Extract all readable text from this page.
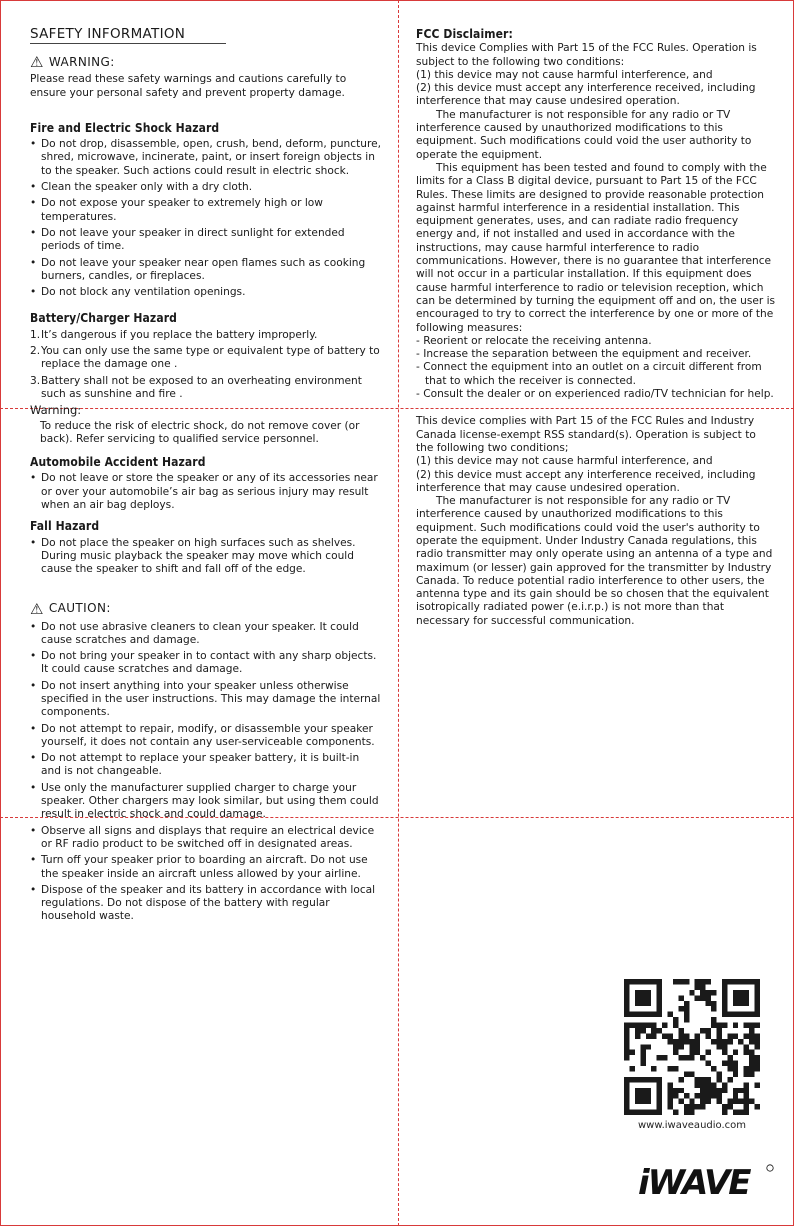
SAFETY INFORMATION
⚠ WARNING:

Please read these safety warnings and cautions carefully to ensure your personal safety and prevent property damage.

Fire and Electric Shock Hazard
• Do not drop, disassemble, open, crush, bend, deform, puncture, shred, microwave, incinerate, paint, or insert foreign objects in to the speaker. Such actions could result in electric shock.
• Clean the speaker only with a dry cloth.
• Do not expose your speaker to extremely high or low temperatures.
• Do not leave your speaker in direct sunlight for extended periods of time.
• Do not leave your speaker near open flames such as cooking burners, candles, or fireplaces.
• Do not block any ventilation openings.
Battery/Charger Hazard
1. It’s dangerous if you replace the battery improperly.
2. You can only use the same type or equivalent type of battery to replace the damage one .
3. Battery shall not be exposed to an overheating environment such as sunshine and fire .
Warning:

To reduce the risk of electric shock, do not remove cover (or back). Refer servicing to qualified service personnel.

Automobile Accident Hazard
• Do not leave or store the speaker or any of its accessories near or over your automobile’s air bag as serious injury may result when an air bag deploys.
Fall Hazard
• Do not place the speaker on high surfaces such as shelves. During music playback the speaker may move which could cause the speaker to shift and fall off of the edge.
⚠ CAUTION:
• Do not use abrasive cleaners to clean your speaker. It could cause scratches and damage.
• Do not bring your speaker in to contact with any sharp objects. It could cause scratches and damage.
• Do not insert anything into your speaker unless otherwise specified in the user instructions. This may damage the internal components.
• Do not attempt to repair, modify, or disassemble your speaker yourself, it does not contain any user-serviceable components.
• Do not attempt to replace your speaker battery, it is built-in and is not changeable.
• Use only the manufacturer supplied charger to charge your speaker. Other chargers may look similar, but using them could result in electric shock and could damage.
• Observe all signs and displays that require an electrical device or RF radio product to be switched off in designated areas.
• Turn off your speaker prior to boarding an aircraft. Do not use the speaker inside an aircraft unless allowed by your airline.
• Dispose of the speaker and its battery in accordance with local regulations. Do not dispose of the battery with regular household waste.
FCC Disclaimer:

This device Complies with Part 15 of the FCC Rules. Operation is subject to the following two conditions:

(1) this device may not cause harmful interference, and

(2) this device must accept any interference received, including interference that may cause undesired operation.

The manufacturer is not responsible for any radio or TV interference caused by unauthorized modifications to this equipment. Such modifications could void the user authority to operate the equipment.

This equipment has been tested and found to comply with the limits for a Class B digital device, pursuant to Part 15 of the FCC Rules. These limits are designed to provide reasonable protection against harmful interference in a residential installation. This equipment generates, uses, and can radiate radio frequency energy and, if not installed and used in accordance with the instructions, may cause harmful interference to radio communications. However, there is no guarantee that interference will not occur in a particular installation. If this equipment does cause harmful interference to radio or television reception, which can be determined by turning the equipment off and on, the user is encouraged to try to correct the interference by one or more of the following measures:

- Reorient or relocate the receiving antenna.
- Increase the separation between the equipment and receiver.
- Connect the equipment into an outlet on a circuit different from that to which the receiver is connected.
- Consult the dealer or on experienced radio/TV technician for help.

This device complies with Part 15 of the FCC Rules and Industry Canada license-exempt RSS standard(s). Operation is subject to the following two conditions;

(1) this device may not cause harmful interference, and

(2) this device must accept any interference received, including interference that may cause undesired operation.

The manufacturer is not responsible for any radio or TV interference caused by unauthorized modifications to this equipment. Such modifications could void the user's authority to operate the equipment. Under Industry Canada regulations, this radio transmitter may only operate using an antenna of a type and maximum (or lesser) gain approved for the transmitter by Industry Canada. To reduce potential radio interference to other users, the antenna type and its gain should be so chosen that the equivalent isotropically radiated power (e.i.r.p.) is not more than that necessary for successful communication.

www.iwaveaudio.com
iWAVE
